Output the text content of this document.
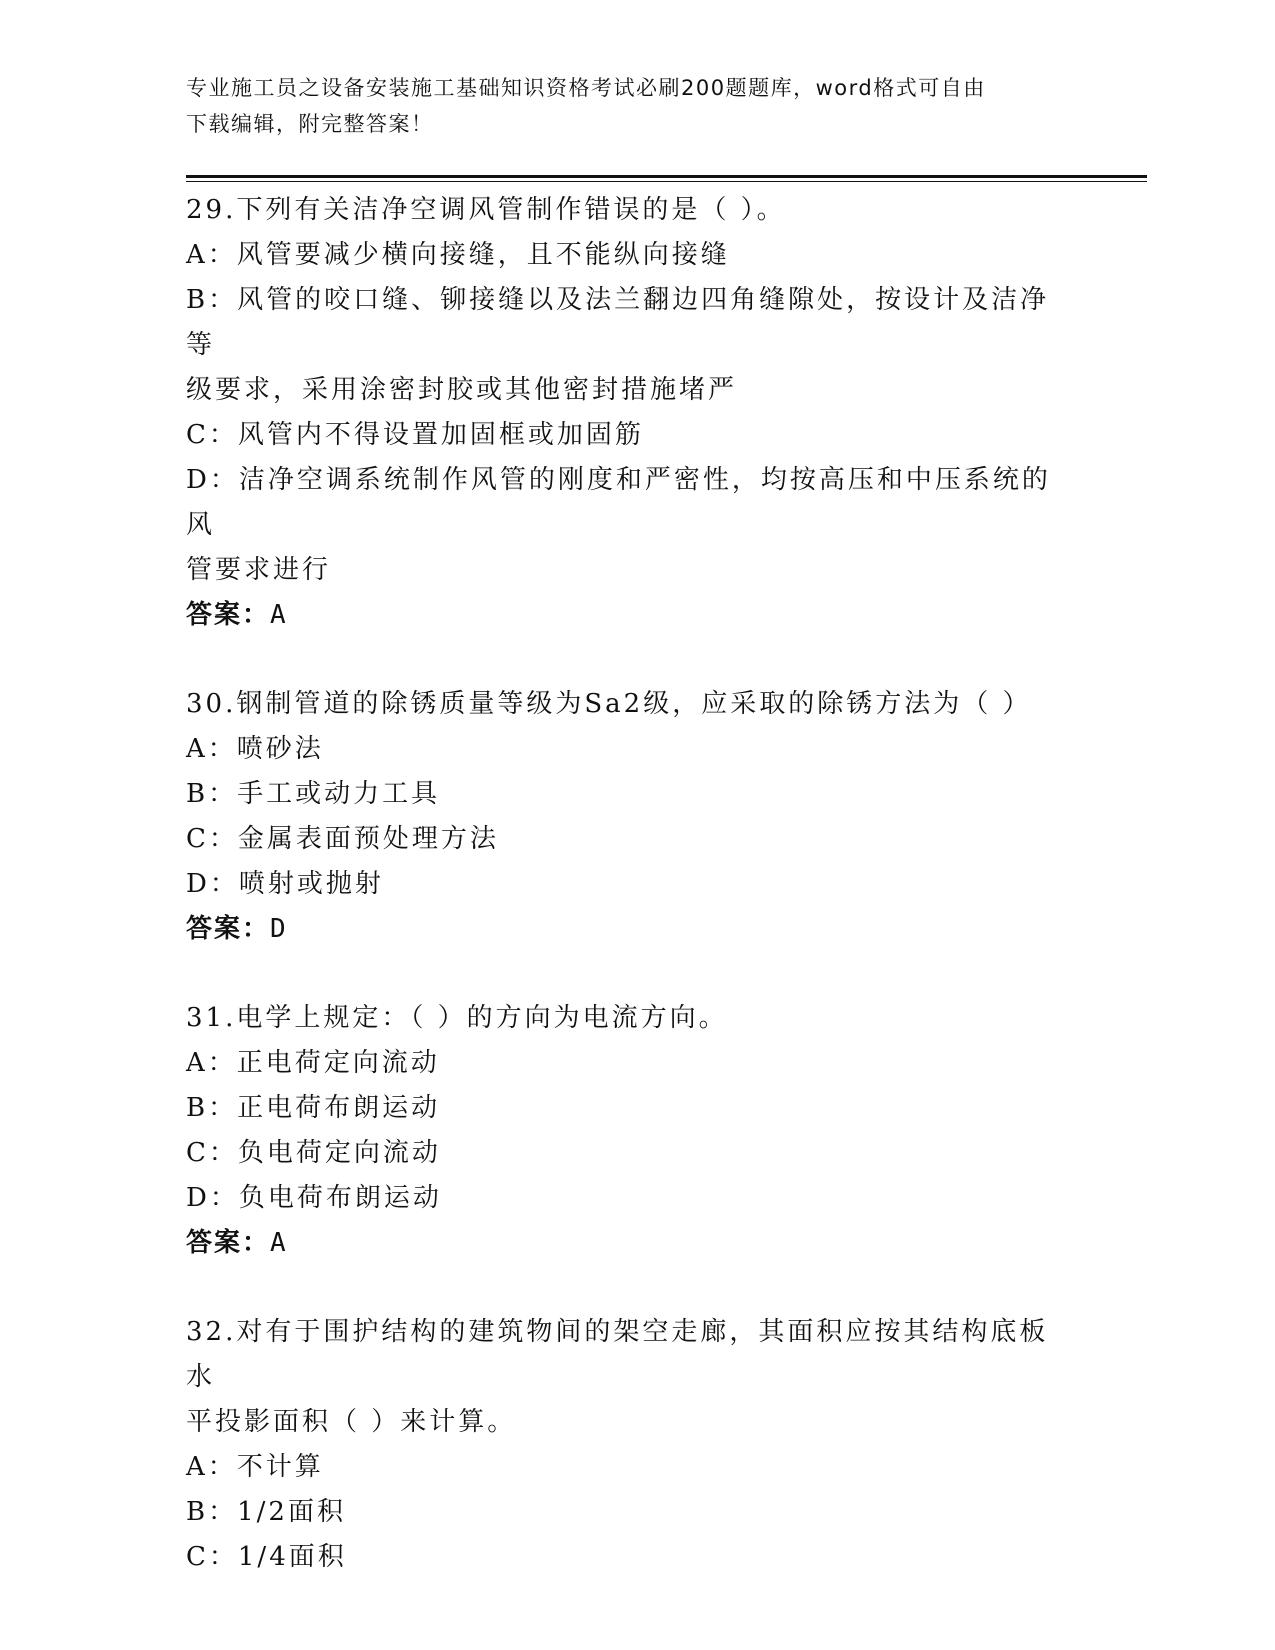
专业施工员之设备安装施工基础知识资格考试必刷200题题库，word格式可自由
下载编辑，附完整答案！

29.下列有关洁净空调风管制作错误的是（ ）。

A：风管要减少横向接缝，且不能纵向接缝

B：风管的咬口缝、铆接缝以及法兰翻边四角缝隙处，按设计及洁净等

级要求，采用涂密封胶或其他密封措施堵严

C：风管内不得设置加固框或加固筋

D：洁净空调系统制作风管的刚度和严密性，均按高压和中压系统的风

管要求进行

答案：A

30.钢制管道的除锈质量等级为Sa2级，应采取的除锈方法为（ ）

A：喷砂法

B：手工或动力工具

C：金属表面预处理方法

D：喷射或抛射

答案：D

31.电学上规定：（ ）的方向为电流方向。

A：正电荷定向流动

B：正电荷布朗运动

C：负电荷定向流动

D：负电荷布朗运动

答案：A

32.对有于围护结构的建筑物间的架空走廊，其面积应按其结构底板水

平投影面积（ ）来计算。

A：不计算

B：1/2面积

C：1/4面积
